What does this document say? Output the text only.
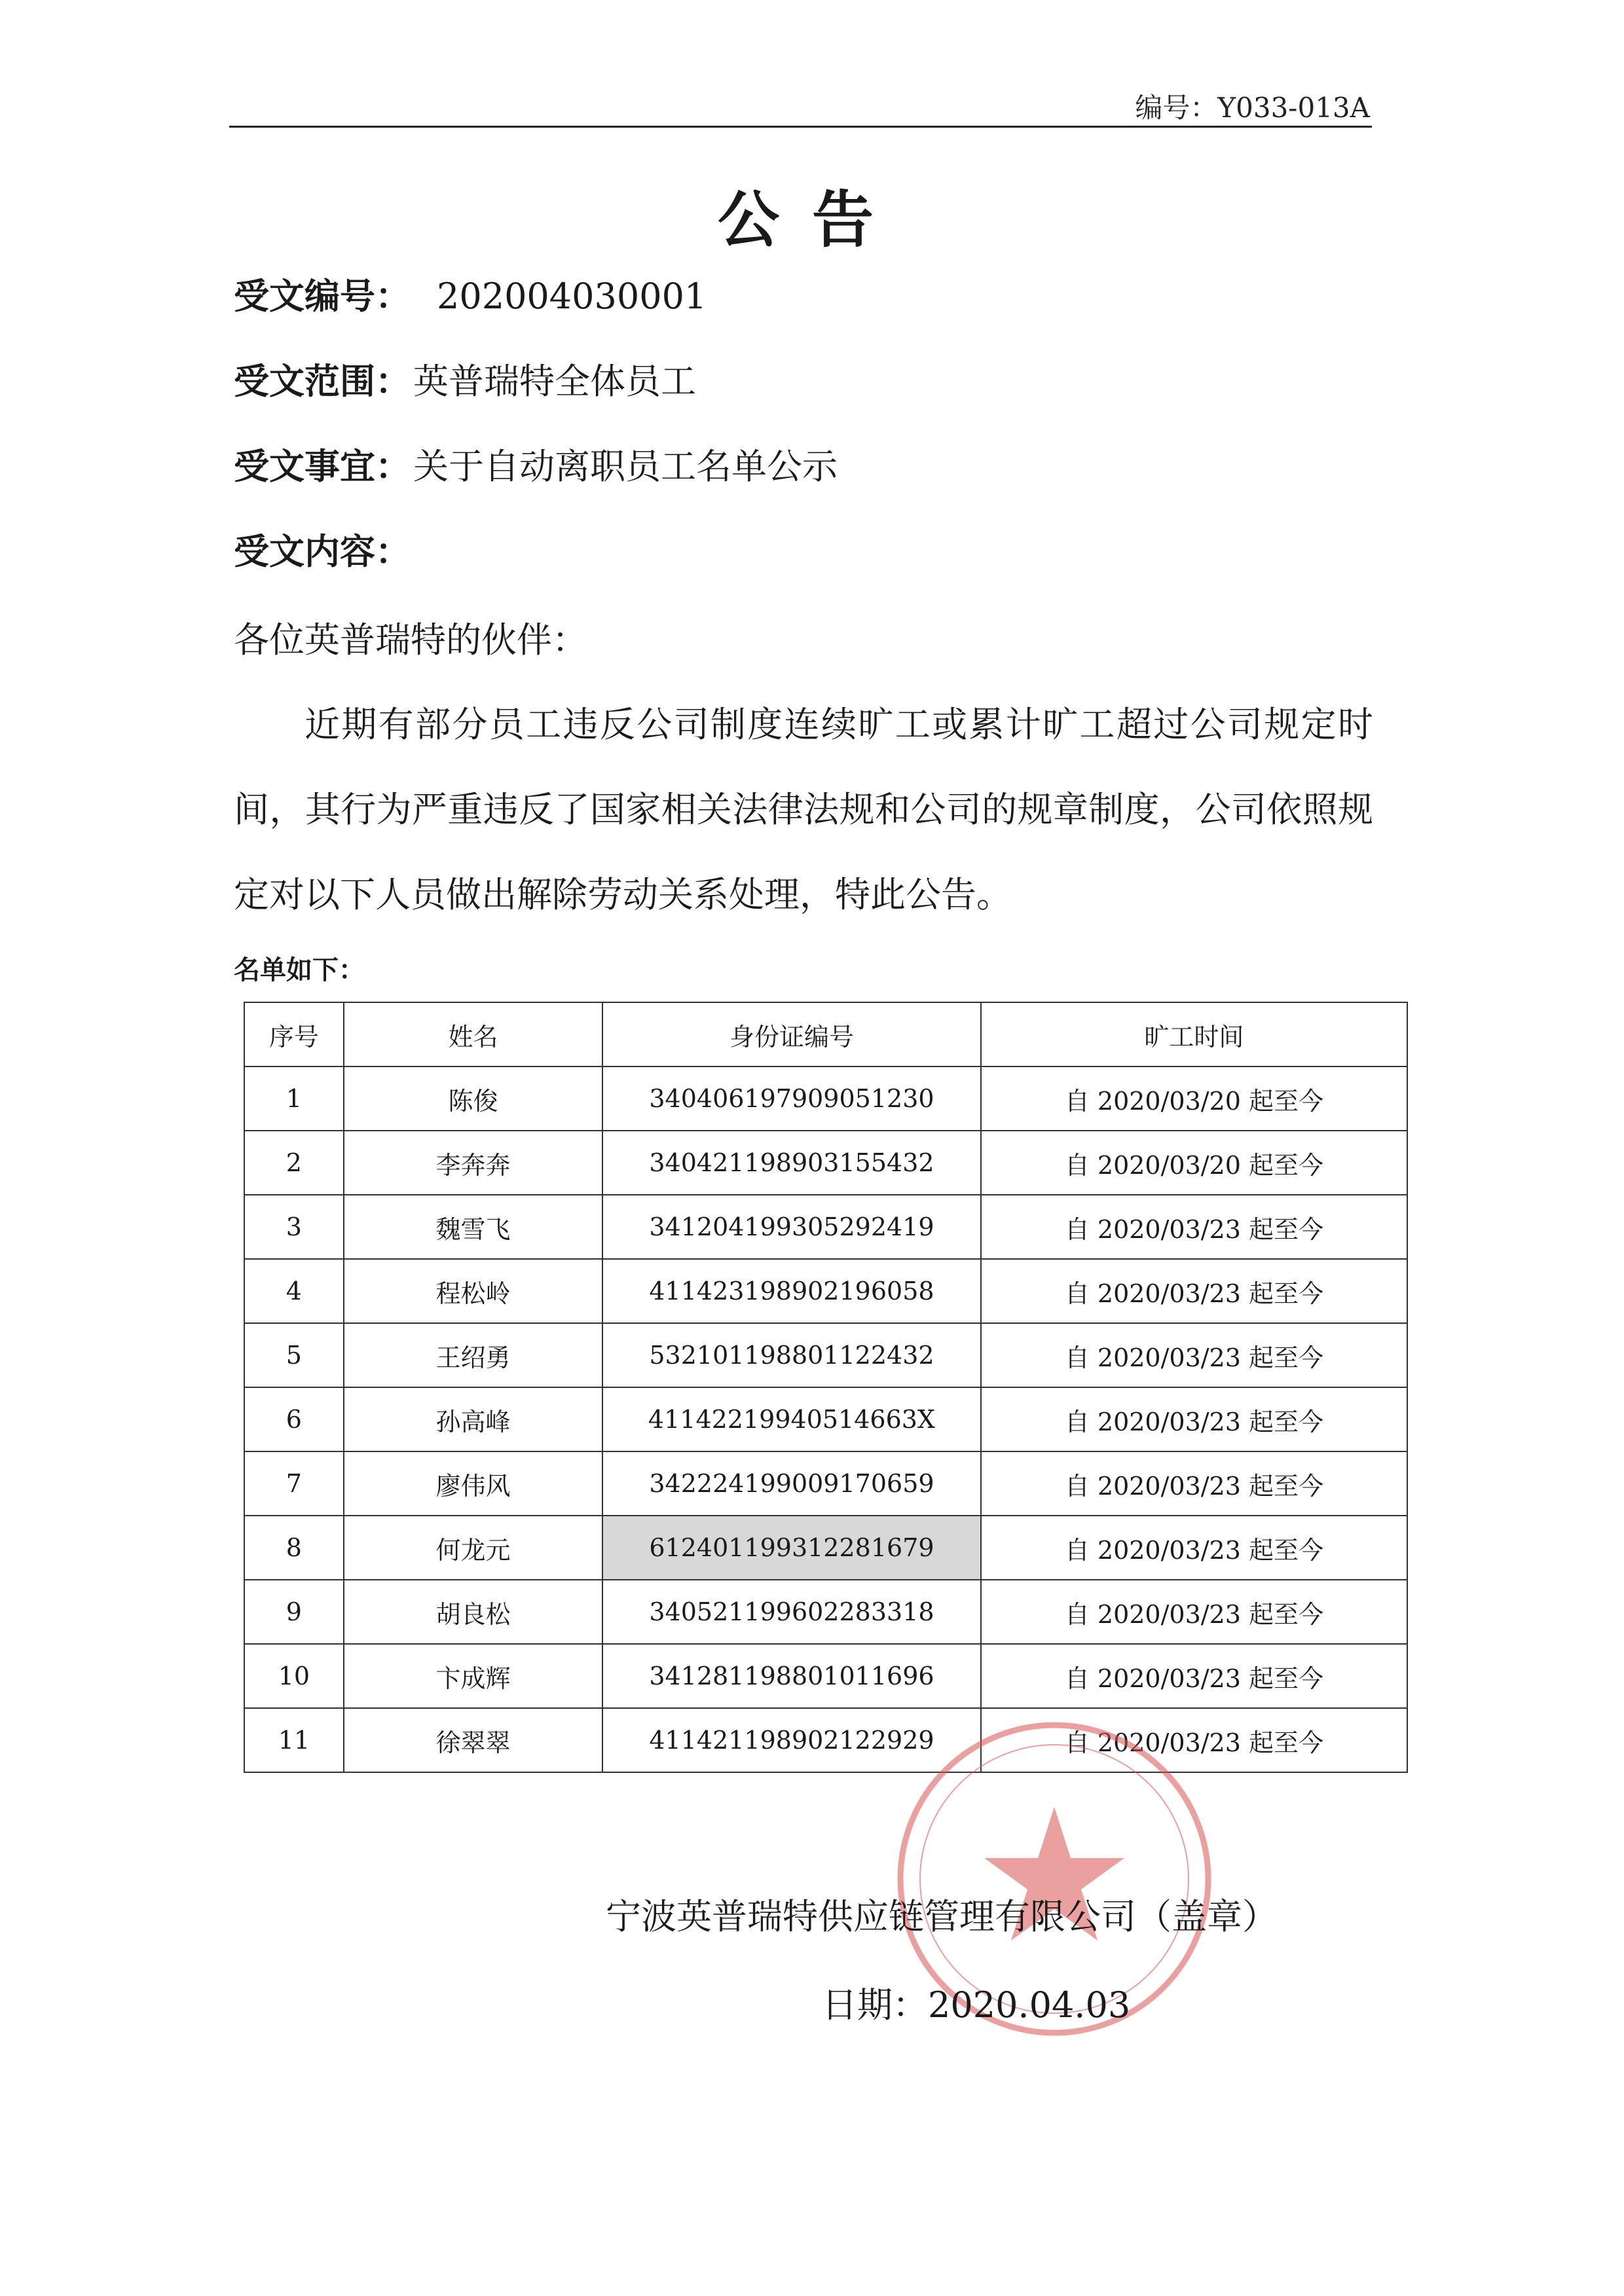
编号：Y033-013A
公告
受文编号： 202004030001
受文范围：英普瑞特全体员工
受文事宜：关于自动离职员工名单公示
受文内容：
各位英普瑞特的伙伴：

近期有部分员工违反公司制度连续旷工或累计旷工超过公司规定时间，其行为严重违反了国家相关法律法规和公司的规章制度，公司依照规定对以下人员做出解除劳动关系处理，特此公告。

名单如下：
序号	姓名	身份证编号	旷工时间
1	陈俊	340406197909051230	自 2020/03/20 起至今
2	李奔奔	340421198903155432	自 2020/03/20 起至今
3	魏雪飞	341204199305292419	自 2020/03/23 起至今
4	程松岭	411423198902196058	自 2020/03/23 起至今
5	王绍勇	532101198801122432	自 2020/03/23 起至今
6	孙高峰	41142219940514663X	自 2020/03/23 起至今
7	廖伟风	342224199009170659	自 2020/03/23 起至今
8	何龙元	612401199312281679	自 2020/03/23 起至今
9	胡良松	340521199602283318	自 2020/03/23 起至今
10	卞成辉	341281198801011696	自 2020/03/23 起至今
11	徐翠翠	411421198902122929	自 2020/03/23 起至今
宁波英普瑞特供应链管理有限公司（盖章）
日期：2020.04.03
